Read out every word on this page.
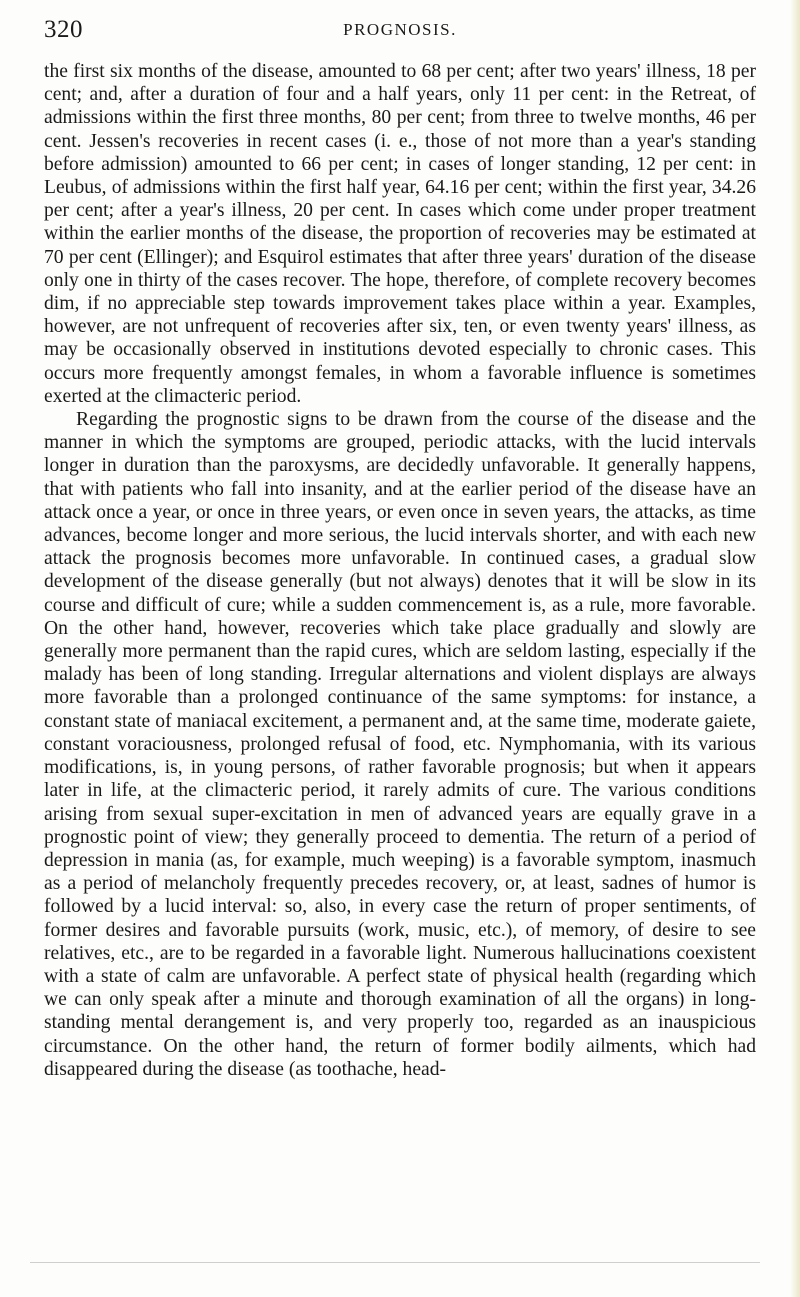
320	PROGNOSIS.

the first six months of the disease, amounted to 68 per cent; after two years' illness, 18 per cent; and, after a duration of four and a half years, only 11 per cent: in the Retreat, of admissions within the first three months, 80 per cent; from three to twelve months, 46 per cent. Jessen's recoveries in recent cases (i. e., those of not more than a year's standing before admission) amounted to 66 per cent; in cases of longer standing, 12 per cent: in Leubus, of admissions within the first half year, 64.16 per cent; within the first year, 34.26 per cent; after a year's illness, 20 per cent. In cases which come under proper treatment within the earlier months of the disease, the proportion of recoveries may be estimated at 70 per cent (Ellinger); and Esquirol estimates that after three years' duration of the disease only one in thirty of the cases recover. The hope, therefore, of complete recovery becomes dim, if no appreciable step towards improvement takes place within a year. Examples, however, are not unfrequent of recoveries after six, ten, or even twenty years' illness, as may be occasionally observed in institutions devoted especially to chronic cases. This occurs more frequently amongst females, in whom a favorable influence is sometimes exerted at the climacteric period.

Regarding the prognostic signs to be drawn from the course of the disease and the manner in which the symptoms are grouped, periodic attacks, with the lucid intervals longer in duration than the paroxysms, are decidedly unfavorable. It generally happens, that with patients who fall into insanity, and at the earlier period of the disease have an attack once a year, or once in three years, or even once in seven years, the attacks, as time advances, become longer and more serious, the lucid intervals shorter, and with each new attack the prognosis becomes more unfavorable. In continued cases, a gradual slow development of the disease generally (but not always) denotes that it will be slow in its course and difficult of cure; while a sudden commencement is, as a rule, more favorable. On the other hand, however, recoveries which take place gradually and slowly are generally more permanent than the rapid cures, which are seldom lasting, especially if the malady has been of long standing. Irregular alternations and violent displays are always more favorable than a prolonged continuance of the same symptoms: for instance, a constant state of maniacal excitement, a permanent and, at the same time, moderate gaiete, constant voraciousness, prolonged refusal of food, etc. Nymphomania, with its various modifications, is, in young persons, of rather favorable prognosis; but when it appears later in life, at the climacteric period, it rarely admits of cure. The various conditions arising from sexual super-excitation in men of advanced years are equally grave in a prognostic point of view; they generally proceed to dementia. The return of a period of depression in mania (as, for example, much weeping) is a favorable symptom, inasmuch as a period of melancholy frequently precedes recovery, or, at least, sadnes of humor is followed by a lucid interval: so, also, in every case the return of proper sentiments, of former desires and favorable pursuits (work, music, etc.), of memory, of desire to see relatives, etc., are to be regarded in a favorable light. Numerous hallucinations coexistent with a state of calm are unfavorable. A perfect state of physical health (regarding which we can only speak after a minute and thorough examination of all the organs) in long-standing mental derangement is, and very properly too, regarded as an inauspicious circumstance. On the other hand, the return of former bodily ailments, which had disappeared during the disease (as toothache, head-
